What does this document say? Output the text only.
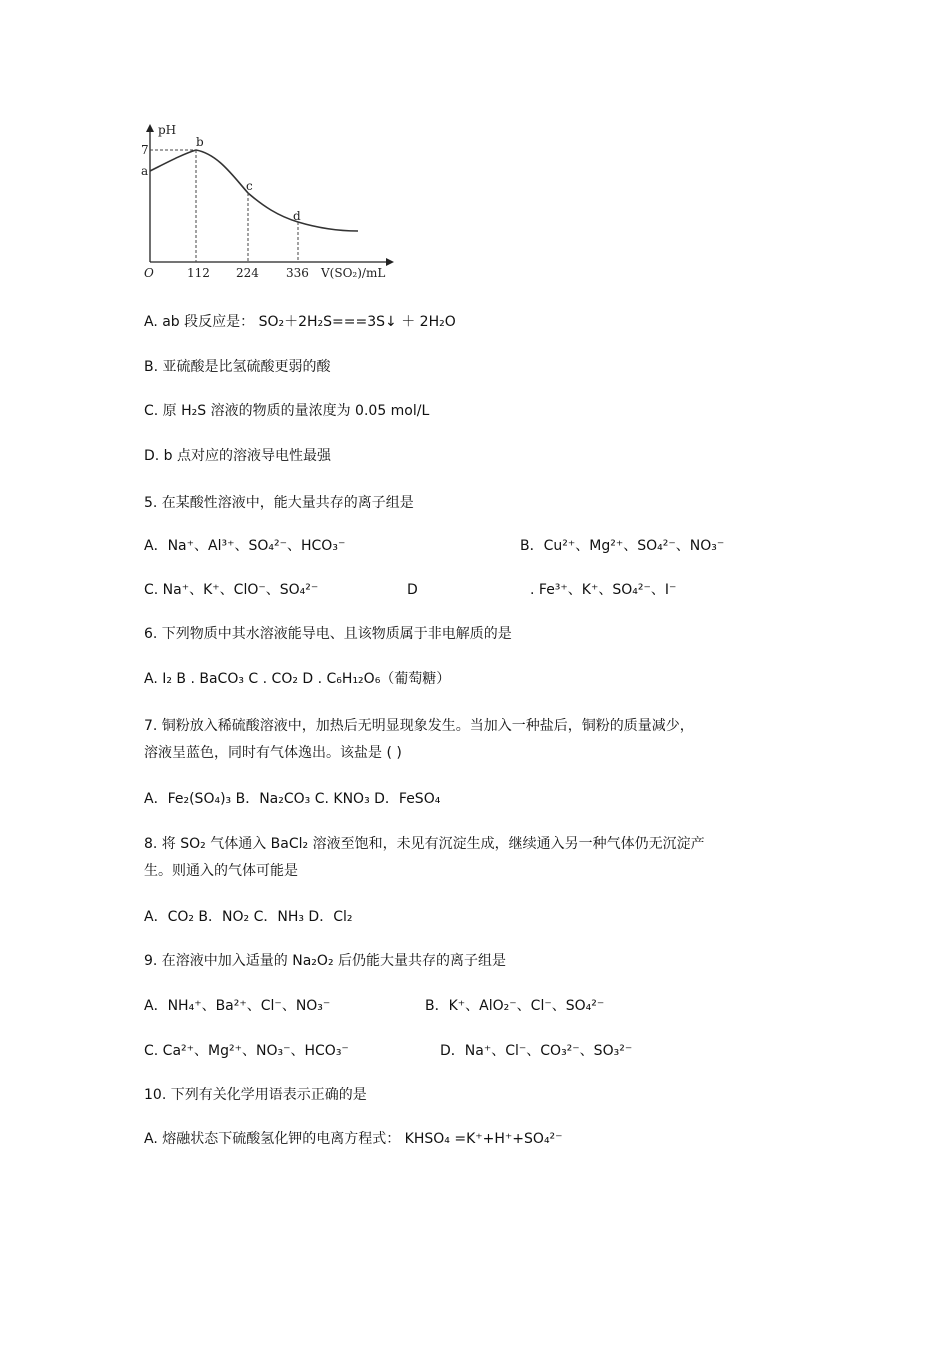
pH
7
a
b
c
d
O	112 224 336 V(SO₂)/mL
A. ab 段反应是： SO₂＋2H₂S===3S↓ ＋ 2H₂O
B. 亚硫酸是比氢硫酸更弱的酸
C. 原 H₂S 溶液的物质的量浓度为 0.05 mol/L
D. b 点对应的溶液导电性最强
5. 在某酸性溶液中，能大量共存的离子组是
A．Na⁺、Al³⁺、SO₄²⁻、HCO₃⁻	B．Cu²⁺、Mg²⁺、SO₄²⁻、NO₃⁻
C. Na⁺、K⁺、ClO⁻、SO₄²⁻	D	. Fe³⁺、K⁺、SO₄²⁻、I⁻
6. 下列物质中其水溶液能导电、且该物质属于非电解质的是
A. I₂ B . BaCO₃ C . CO₂ D . C₆H₁₂O₆（葡萄糖）
7. 铜粉放入稀硫酸溶液中，加热后无明显现象发生。当加入一种盐后，铜粉的质量减少，
溶液呈蓝色，同时有气体逸出。该盐是 ( )
A．Fe₂(SO₄)₃ B．Na₂CO₃ C. KNO₃ D．FeSO₄
8. 将 SO₂ 气体通入 BaCl₂ 溶液至饱和，未见有沉淀生成，继续通入另一种气体仍无沉淀产
生。则通入的气体可能是
A．CO₂ B．NO₂ C．NH₃ D．Cl₂
9. 在溶液中加入适量的 Na₂O₂ 后仍能大量共存的离子组是
A．NH₄⁺、Ba²⁺、Cl⁻、NO₃⁻	B．K⁺、AlO₂⁻、Cl⁻、SO₄²⁻
C. Ca²⁺、Mg²⁺、NO₃⁻、HCO₃⁻	D．Na⁺、Cl⁻、CO₃²⁻、SO₃²⁻
10. 下列有关化学用语表示正确的是
A. 熔融状态下硫酸氢化钾的电离方程式： KHSO₄ =K⁺+H⁺+SO₄²⁻
